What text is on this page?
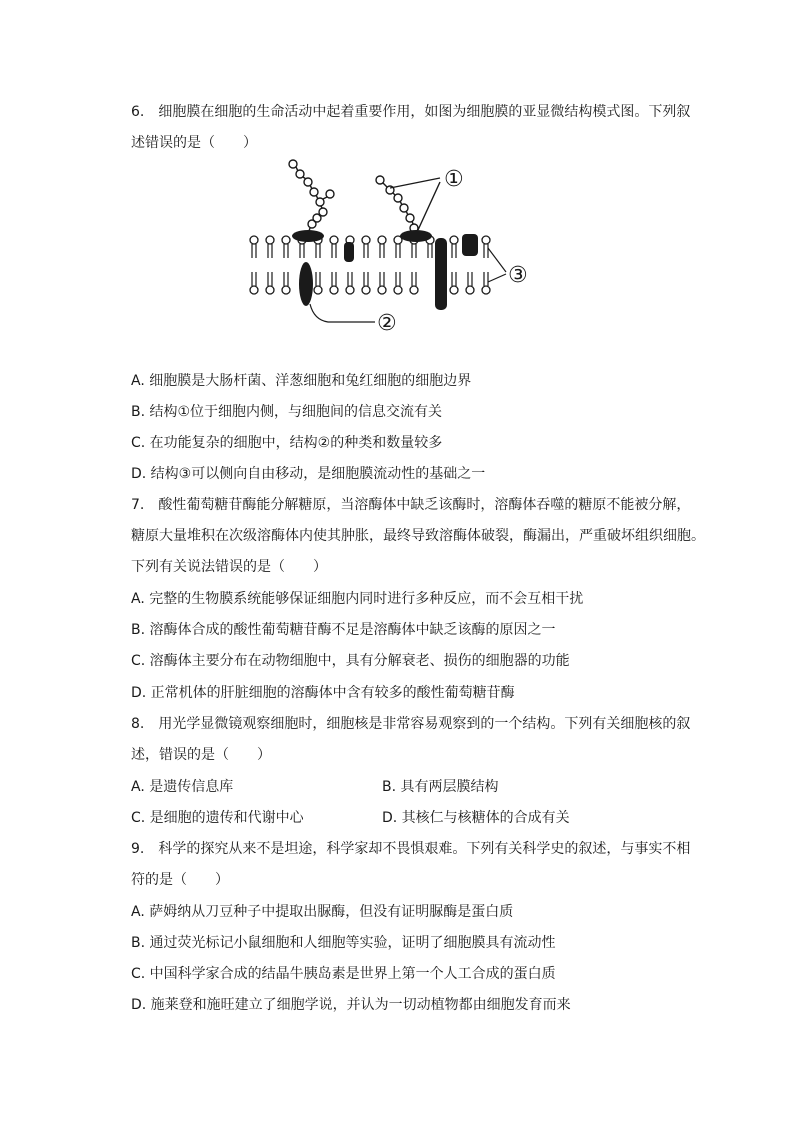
6.　细胞膜在细胞的生命活动中起着重要作用，如图为细胞膜的亚显微结构模式图。下列叙
述错误的是（　　）
①
②
③
A. 细胞膜是大肠杆菌、洋葱细胞和兔红细胞的细胞边界
B. 结构①位于细胞内侧，与细胞间的信息交流有关
C. 在功能复杂的细胞中，结构②的种类和数量较多
D. 结构③可以侧向自由移动，是细胞膜流动性的基础之一
7.　酸性葡萄糖苷酶能分解糖原，当溶酶体中缺乏该酶时，溶酶体吞噬的糖原不能被分解，
糖原大量堆积在次级溶酶体内使其肿胀，最终导致溶酶体破裂，酶漏出，严重破坏组织细胞。
下列有关说法错误的是（　　）
A. 完整的生物膜系统能够保证细胞内同时进行多种反应，而不会互相干扰
B. 溶酶体合成的酸性葡萄糖苷酶不足是溶酶体中缺乏该酶的原因之一
C. 溶酶体主要分布在动物细胞中，具有分解衰老、损伤的细胞器的功能
D. 正常机体的肝脏细胞的溶酶体中含有较多的酸性葡萄糖苷酶
8.　用光学显微镜观察细胞时，细胞核是非常容易观察到的一个结构。下列有关细胞核的叙
述，错误的是（　　）
A. 是遗传信息库	B. 具有两层膜结构
C. 是细胞的遗传和代谢中心	D. 其核仁与核糖体的合成有关
9.　科学的探究从来不是坦途，科学家却不畏惧艰难。下列有关科学史的叙述，与事实不相
符的是（　　）
A. 萨姆纳从刀豆种子中提取出脲酶，但没有证明脲酶是蛋白质
B. 通过荧光标记小鼠细胞和人细胞等实验，证明了细胞膜具有流动性
C. 中国科学家合成的结晶牛胰岛素是世界上第一个人工合成的蛋白质
D. 施莱登和施旺建立了细胞学说，并认为一切动植物都由细胞发育而来
